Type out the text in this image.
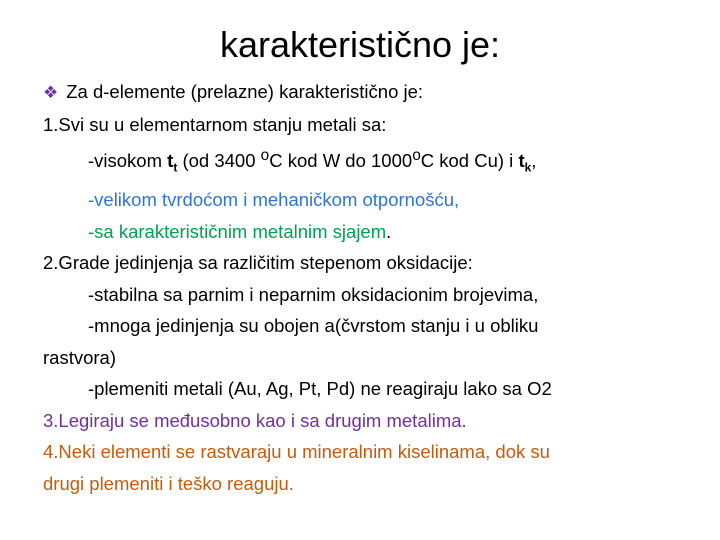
karakteristično je:
❖ Za d-elemente (prelazne) karakteristično je:
1.Svi su u elementarnom stanju metali sa:
-visokom $t_t$ (od 3400 $^o$C kod W do 1000$^o$C kod Cu) i $t_k$,
-velikom tvrdoćom i mehaničkom otpornošću,
-sa karakterističnim metalnim sjajem.
2.Grade jedinjenja sa različitim stepenom oksidacije:
-stabilna sa parnim i neparnim oksidacionim brojevima,
-mnoga jedinjenja su obojen a(čvrstom stanju i u obliku
rastvora)
-plemeniti metali (Au, Ag, Pt, Pd) ne reagiraju lako sa O2
3.Legiraju se međusobno kao i sa drugim metalima.
4.Neki elementi se rastvaraju u mineralnim kiselinama, dok su
drugi plemeniti i teško reaguju.
